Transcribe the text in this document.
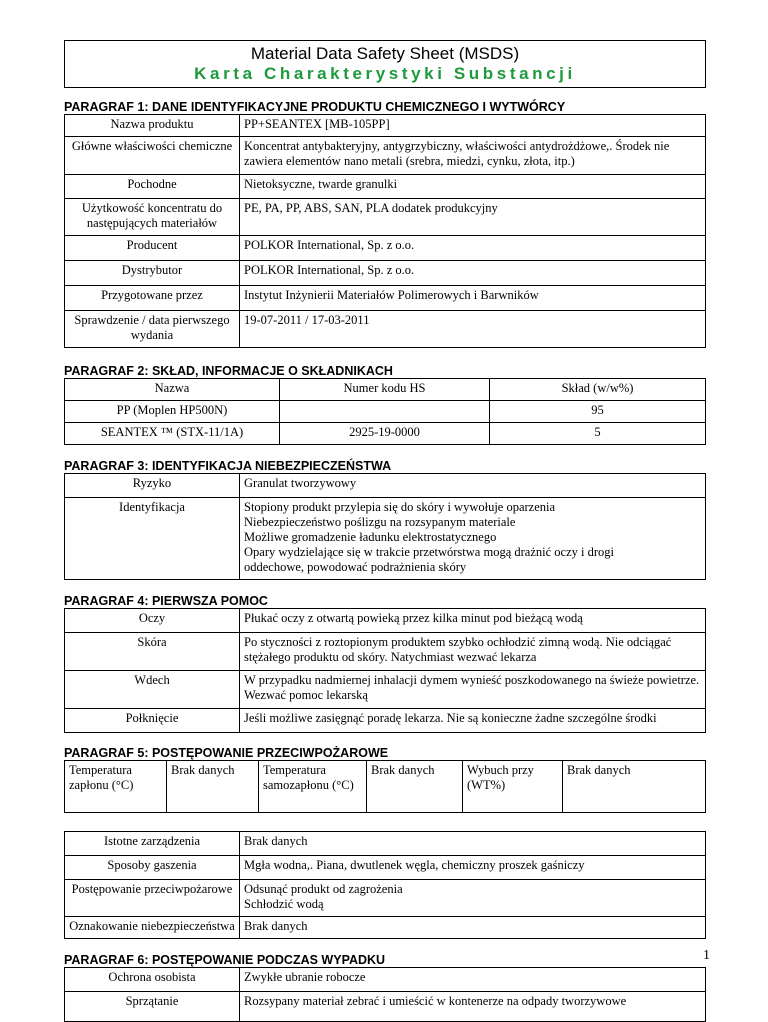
Material Data Safety Sheet (MSDS)
Karta Charakterystyki Substancji
PARAGRAF 1: DANE IDENTYFIKACYJNE PRODUKTU CHEMICZNEGO I WYTWÓRCY
Nazwa produktu	PP+SEANTEX [MB-105PP]
Główne właściwości chemiczne	Koncentrat antybakteryjny, antygrzybiczny, właściwości antydrożdżowe,. Środek nie zawiera elementów nano metali (srebra, miedzi, cynku, złota, itp.)
Pochodne	Nietoksyczne, twarde granulki
Użytkowość koncentratu do następujących materiałów	PE, PA, PP, ABS, SAN, PLA dodatek produkcyjny
Producent	POLKOR International, Sp. z o.o.
Dystrybutor	POLKOR International, Sp. z o.o.
Przygotowane przez	Instytut Inżynierii Materiałów Polimerowych i Barwników
Sprawdzenie / data pierwszego wydania	19-07-2011 / 17-03-2011
PARAGRAF 2: SKŁAD, INFORMACJE O SKŁADNIKACH
Nazwa	Numer kodu HS	Skład (w/w%)
PP (Moplen HP500N)		95
SEANTEX ™ (STX-11/1A)	2925-19-0000	5
PARAGRAF 3: IDENTYFIKACJA NIEBEZPIECZEŃSTWA
Ryzyko	Granulat tworzywowy
Identyfikacja	Stopiony produkt przylepia się do skóry i wywołuje oparzenia
Niebezpieczeństwo poślizgu na rozsypanym materiale
Możliwe gromadzenie ładunku elektrostatycznego
Opary wydzielające się w trakcie przetwórstwa mogą drażnić oczy i drogi oddechowe, powodować podrażnienia skóry
PARAGRAF 4: PIERWSZA POMOC
Oczy	Płukać oczy z otwartą powieką przez kilka minut pod bieżącą wodą
Skóra	Po styczności z roztopionym produktem szybko ochłodzić zimną wodą. Nie odciągać stężałego produktu od skóry. Natychmiast wezwać lekarza
Wdech	W przypadku nadmiernej inhalacji dymem wynieść poszkodowanego na świeże powietrze. Wezwać pomoc lekarską
Połknięcie	Jeśli możliwe zasięgnąć poradę lekarza. Nie są konieczne żadne szczególne środki
PARAGRAF 5: POSTĘPOWANIE PRZECIWPOŻAROWE
Temperatura zapłonu (°C)	Brak danych	Temperatura samozapłonu (°C)	Brak danych	Wybuch przy (WT%)	Brak danych
Istotne zarządzenia	Brak danych
Sposoby gaszenia	Mgła wodna,. Piana, dwutlenek węgla, chemiczny proszek gaśniczy
Postępowanie przeciwpożarowe	Odsunąć produkt od zagrożenia
Schłodzić wodą

Oznakowanie niebezpieczeństwa	Brak danych
PARAGRAF 6: POSTĘPOWANIE PODCZAS WYPADKU
Ochrona osobista	Zwykłe ubranie robocze
Sprzątanie	Rozsypany materiał zebrać i umieścić w kontenerze na odpady tworzywowe
1
